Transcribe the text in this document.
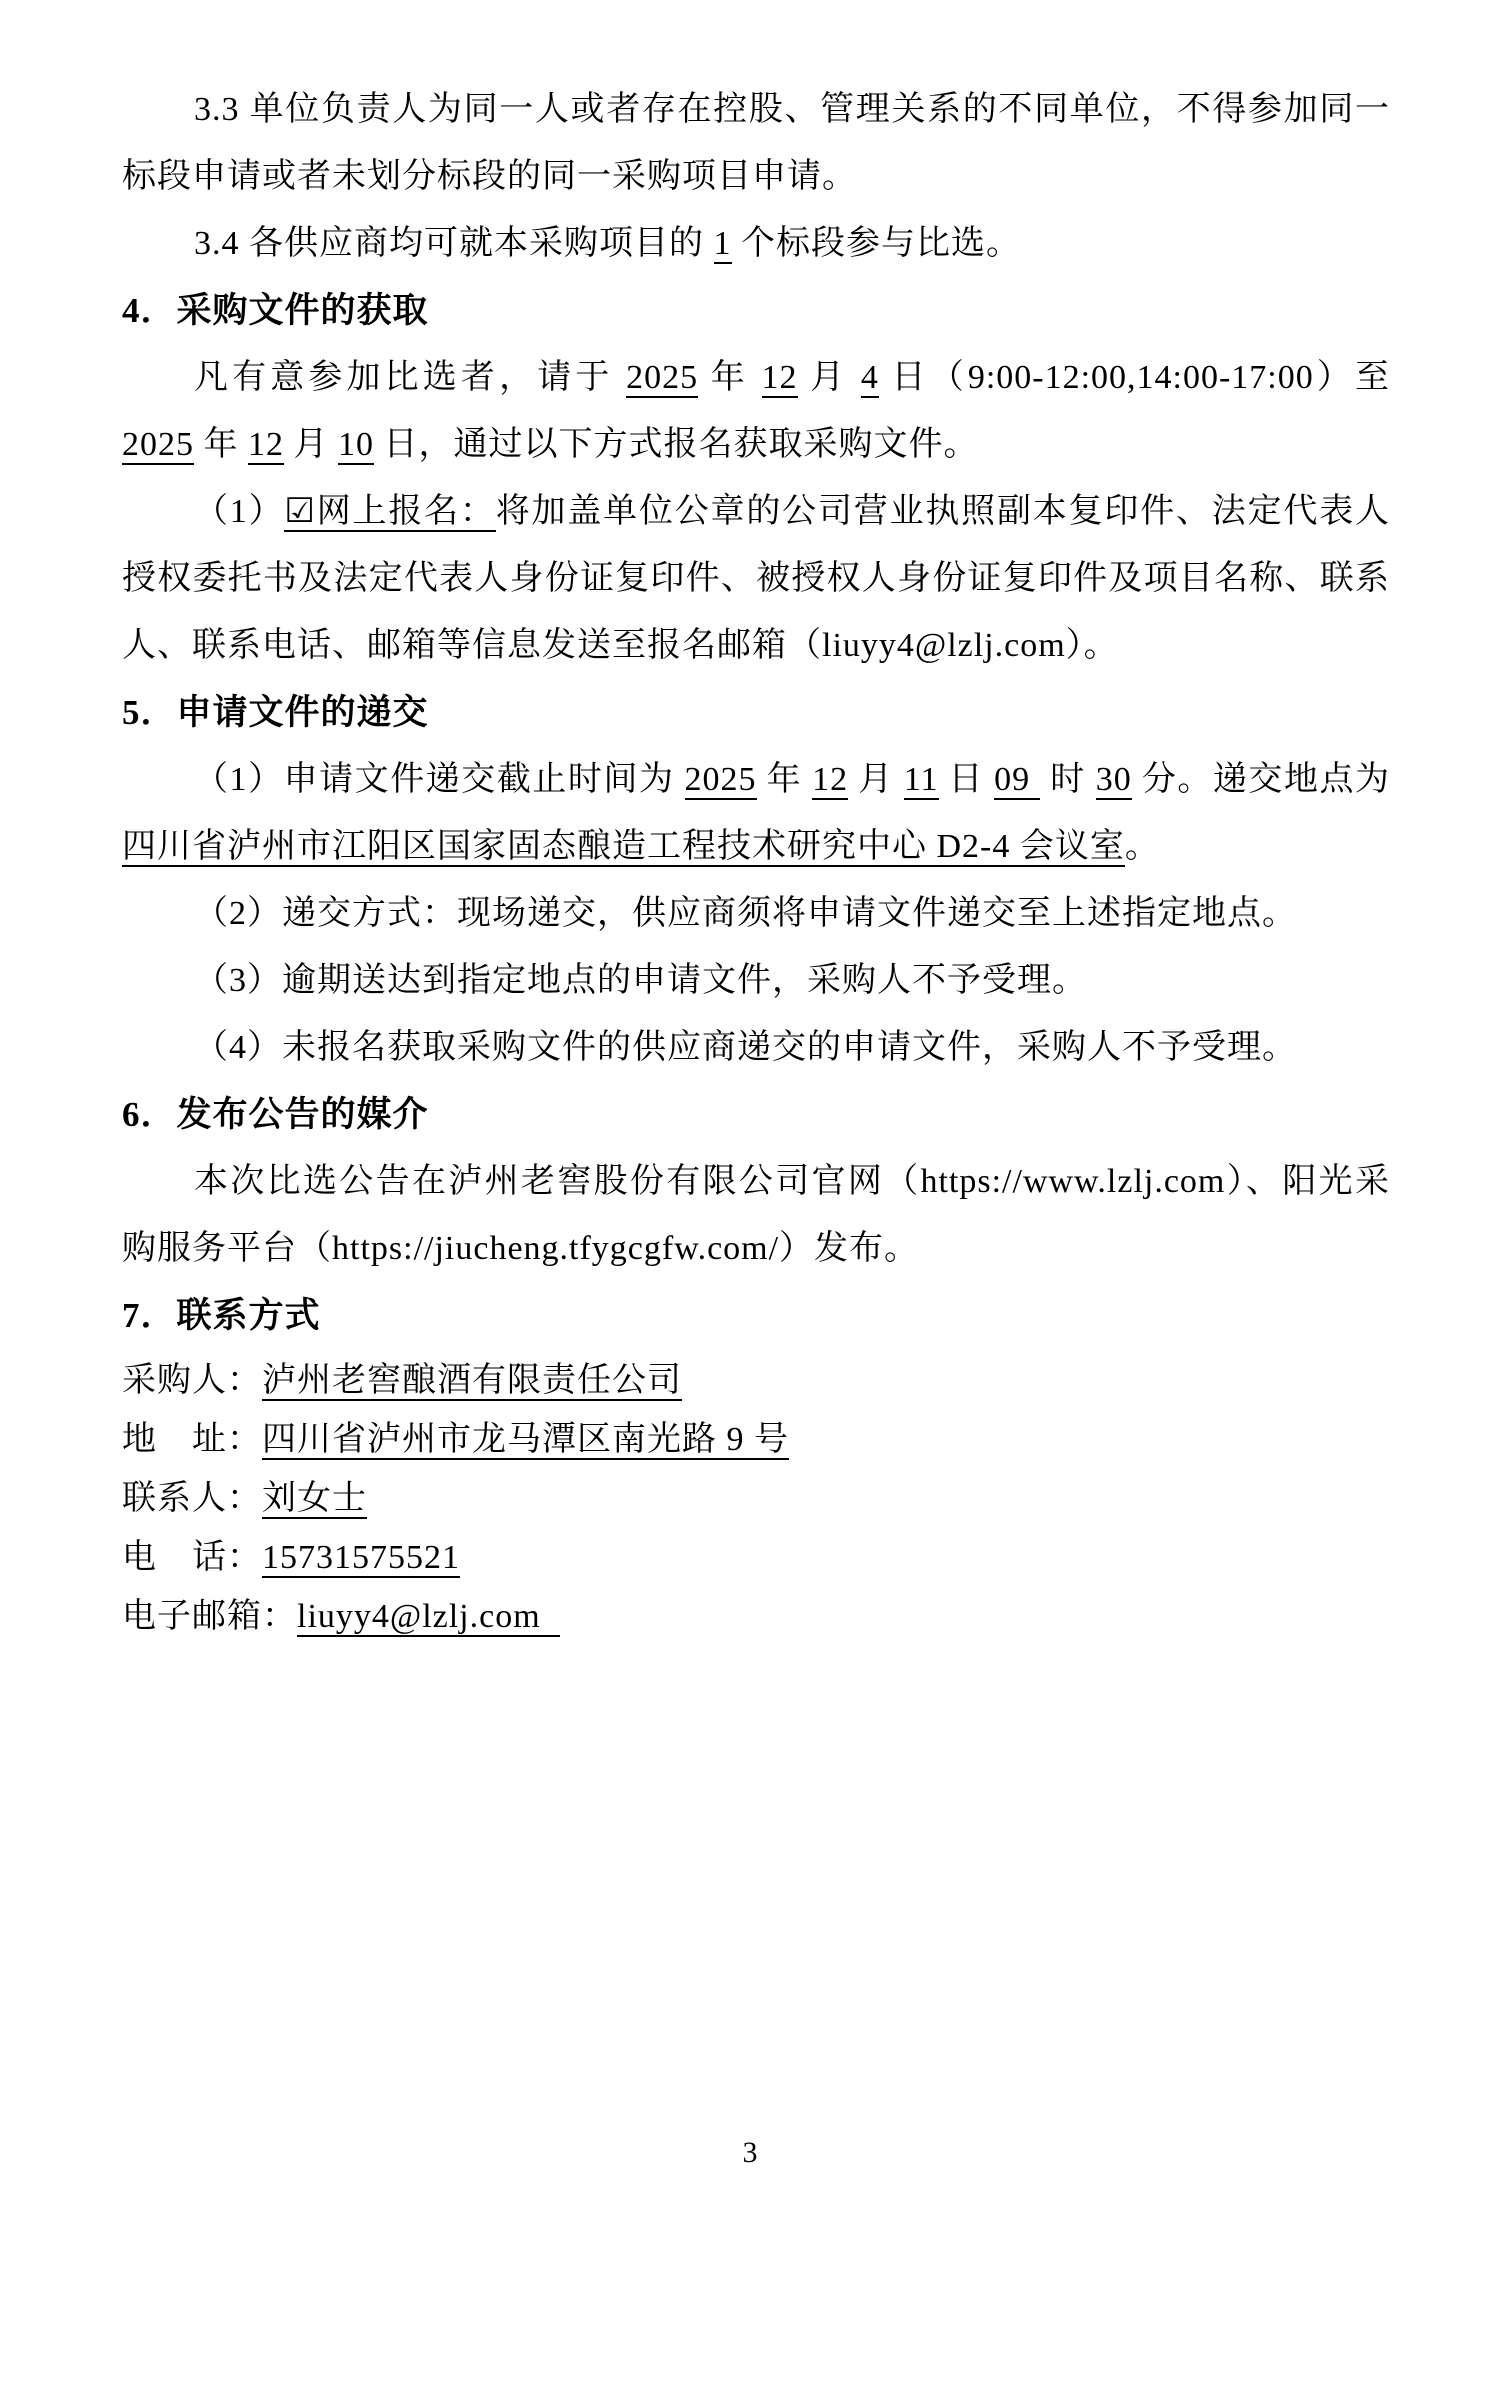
3.3 单位负责人为同一人或者存在控股、管理关系的不同单位，不得参加同一标段申请或者未划分标段的同一采购项目申请。

3.4 各供应商均可就本采购项目的 1 个标段参与比选。

4．采购文件的获取

凡有意参加比选者，请于 2025 年 12 月 4 日（9:00-12:00,14:00-17:00）至 2025 年 12 月 10 日，通过以下方式报名获取采购文件。

（1）☑网上报名：将加盖单位公章的公司营业执照副本复印件、法定代表人授权委托书及法定代表人身份证复印件、被授权人身份证复印件及项目名称、联系人、联系电话、邮箱等信息发送至报名邮箱（liuyy4@lzlj.com）。

5．申请文件的递交

（1）申请文件递交截止时间为 2025 年 12 月 11 日 09  时 30 分。递交地点为四川省泸州市江阳区国家固态酿造工程技术研究中心 D2-4 会议室。

（2）递交方式：现场递交，供应商须将申请文件递交至上述指定地点。

（3）逾期送达到指定地点的申请文件，采购人不予受理。

（4）未报名获取采购文件的供应商递交的申请文件，采购人不予受理。

6．发布公告的媒介

本次比选公告在泸州老窖股份有限公司官网（https://www.lzlj.com）、阳光采购服务平台（https://jiucheng.tfygcgfw.com/）发布。

7．联系方式

采购人：泸州老窖酿酒有限责任公司

地　址：四川省泸州市龙马潭区南光路 9 号

联系人：刘女士

电　话：15731575521

电子邮箱：liuyy4@lzlj.com

3
